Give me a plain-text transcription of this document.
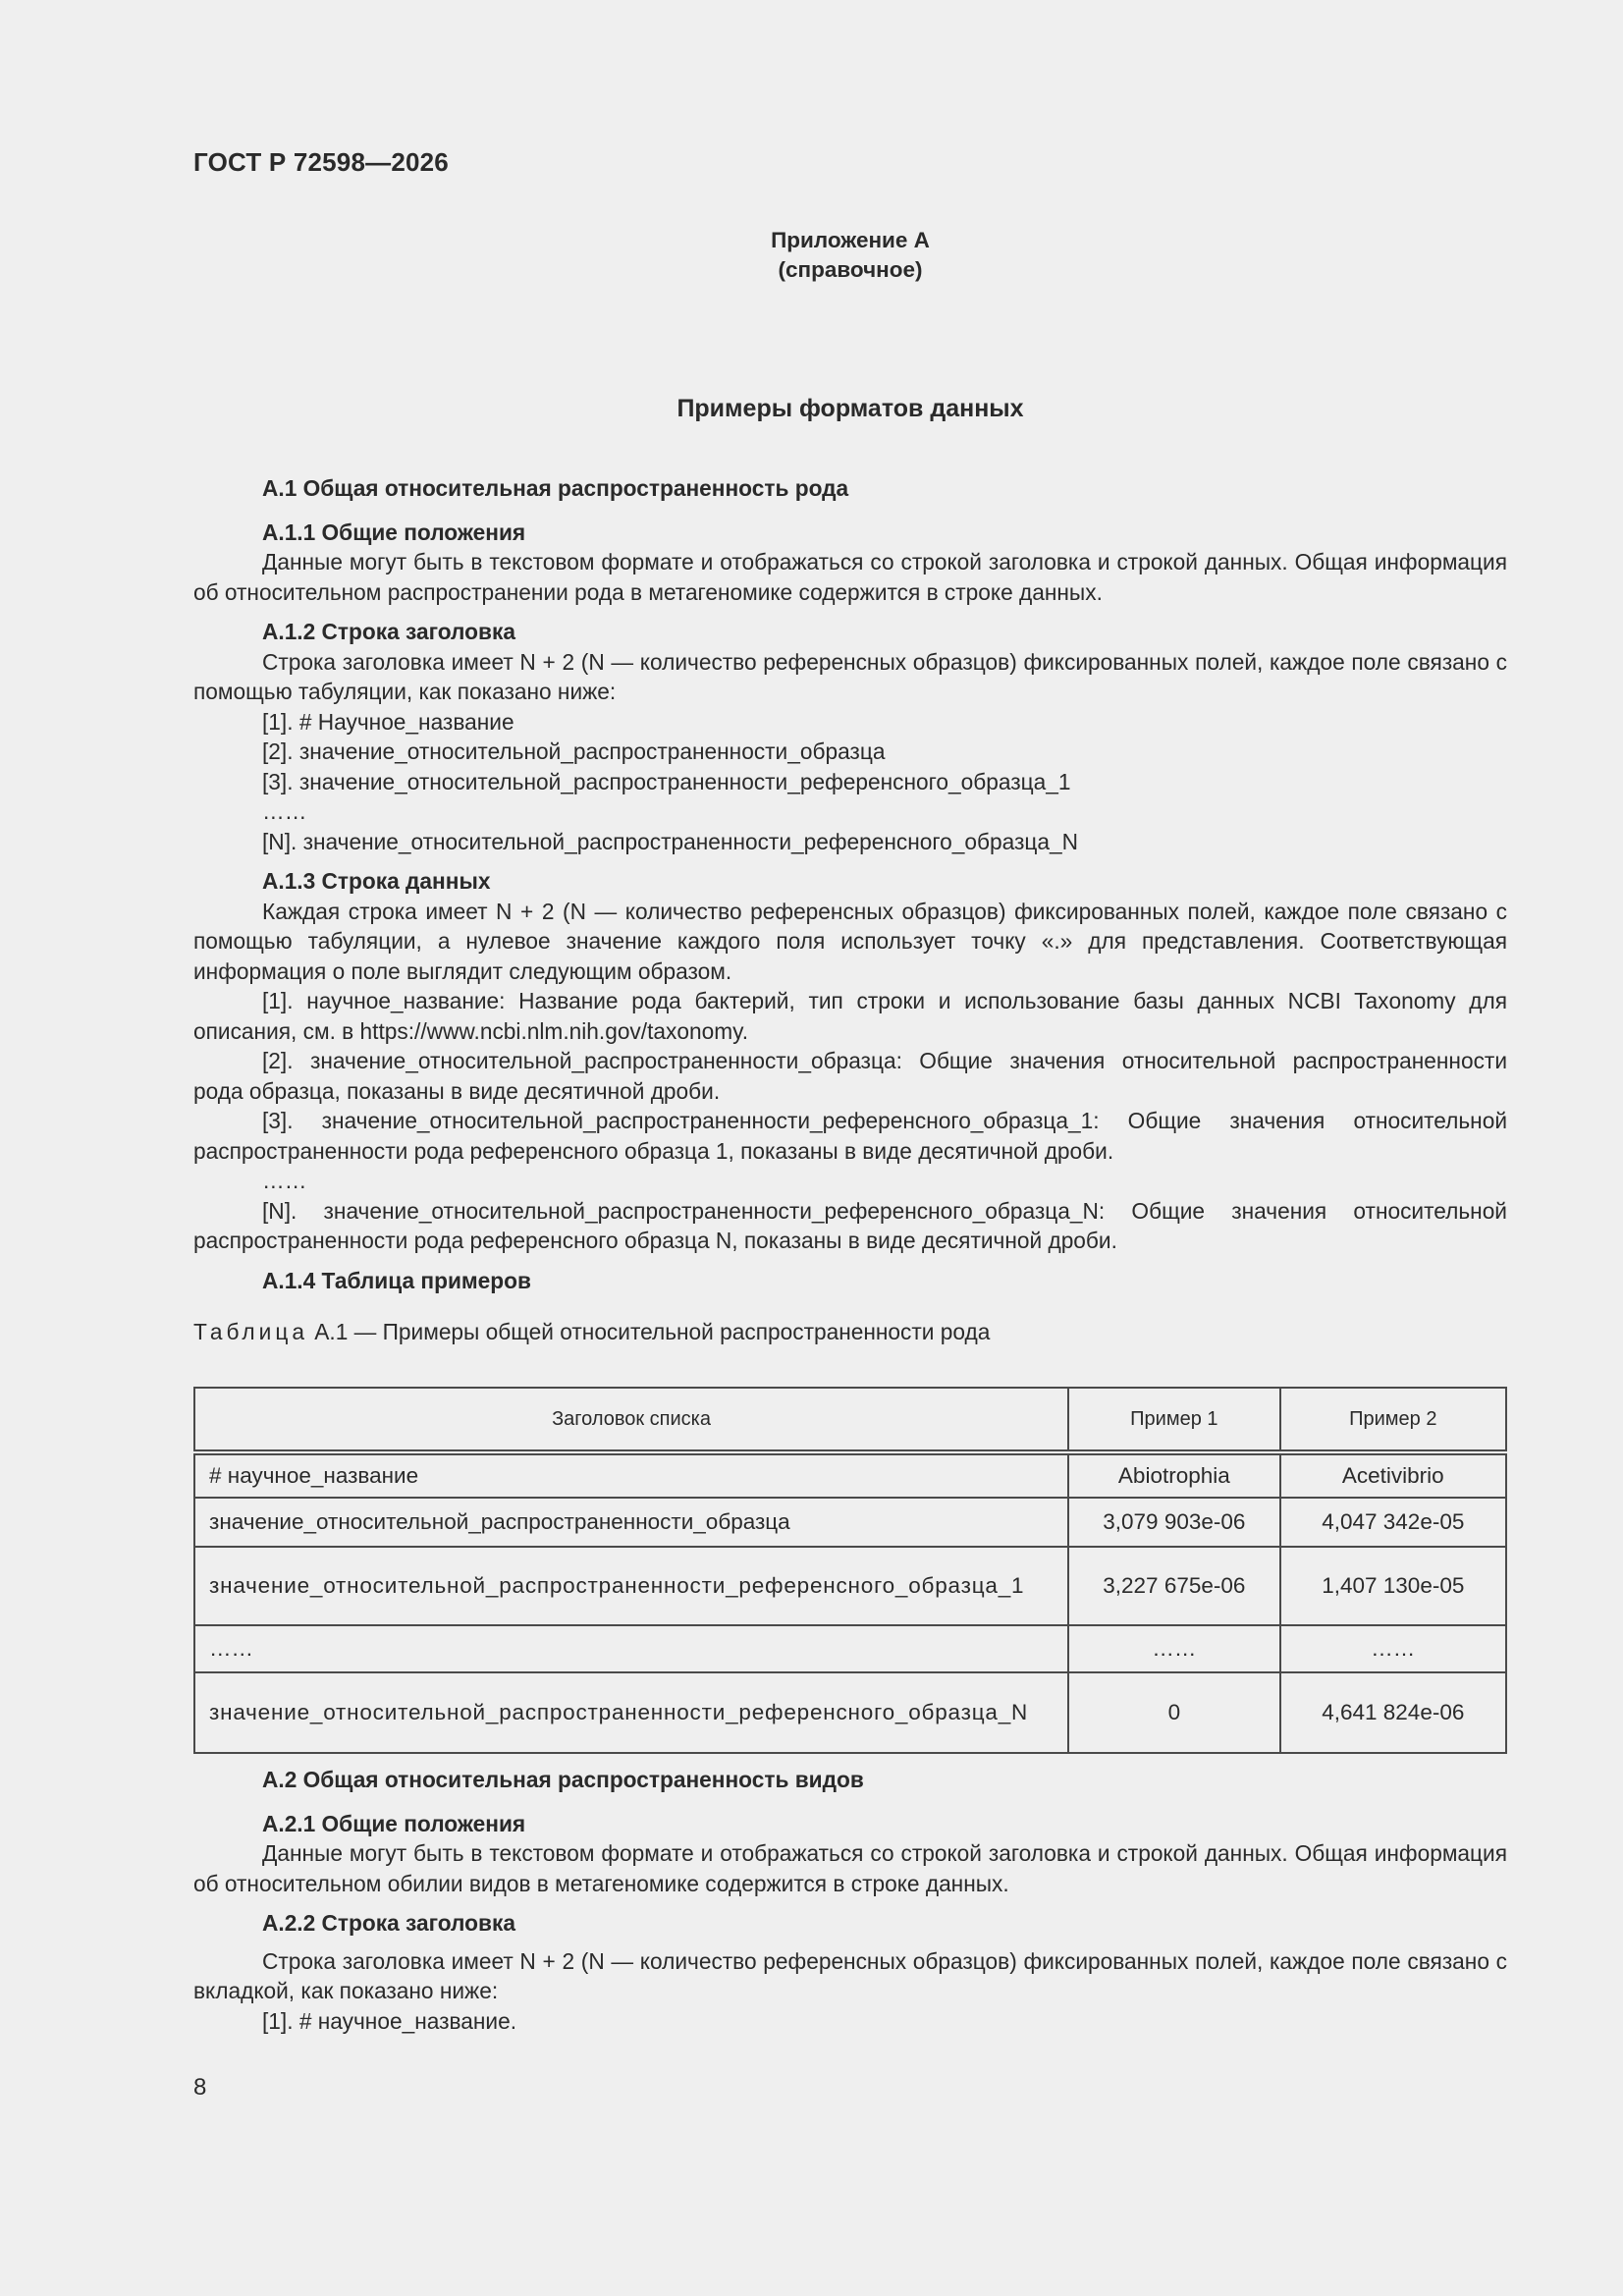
ГОСТ Р 72598—2026
Приложение А
(справочное)
Примеры форматов данных
А.1 Общая относительная распространенность рода
А.1.1 Общие положения
Данные могут быть в текстовом формате и отображаться со строкой заголовка и строкой данных. Общая информация об относительном распространении рода в метагеномике содержится в строке данных.
А.1.2 Строка заголовка
Строка заголовка имеет N + 2 (N — количество референсных образцов) фиксированных полей, каждое поле связано с помощью табуляции, как показано ниже:
[1]. # Научное_название
[2]. значение_относительной_распространенности_образца
[3]. значение_относительной_распространенности_референсного_образца_1
……
[N]. значение_относительной_распространенности_референсного_образца_N
А.1.3 Строка данных
Каждая строка имеет N + 2 (N — количество референсных образцов) фиксированных полей, каждое поле связано с помощью табуляции, а нулевое значение каждого поля использует точку «.» для представления. Соответствующая информация о поле выглядит следующим образом.
[1]. научное_название: Название рода бактерий, тип строки и использование базы данных NCBI Taxonomy для описания, см. в https://www.ncbi.nlm.nih.gov/taxonomy.
[2]. значение_относительной_распространенности_образца: Общие значения относительной распространенности рода образца, показаны в виде десятичной дроби.
[3]. значение_относительной_распространенности_референсного_образца_1: Общие значения относительной распространенности рода референсного образца 1, показаны в виде десятичной дроби.
……
[N]. значение_относительной_распространенности_референсного_образца_N: Общие значения относительной распространенности рода референсного образца N, показаны в виде десятичной дроби.
А.1.4 Таблица примеров
Таблица А.1 — Примеры общей относительной распространенности рода
Заголовок списка	Пример 1	Пример 2
# научное_название	Abiotrophia	Acetivibrio
значение_относительной_распространенности_образца	3,079 903е-06	4,047 342е-05
значение_относительной_распространенности_референсного_образца_1	3,227 675е-06	1,407 130е-05
……	……	……
значение_относительной_распространенности_референсного_образца_N	0	4,641 824е-06
А.2 Общая относительная распространенность видов
А.2.1 Общие положения
Данные могут быть в текстовом формате и отображаться со строкой заголовка и строкой данных. Общая информация об относительном обилии видов в метагеномике содержится в строке данных.
А.2.2 Строка заголовка
Строка заголовка имеет N + 2 (N — количество референсных образцов) фиксированных полей, каждое поле связано с вкладкой, как показано ниже:
[1]. # научное_название.
8
